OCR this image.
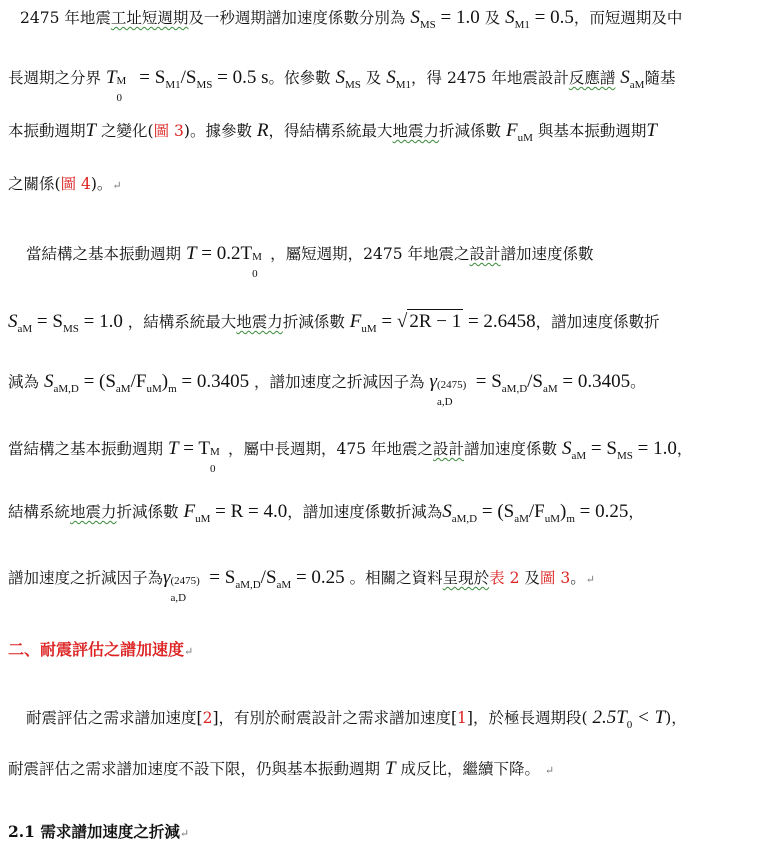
2475 年地震工址短週期及一秒週期譜加速度係數分別為 $S_{MS} = 1.0$ 及 $S_{M1} = 0.5$，而短週期及中
長週期之分界 T M
0
= $S_{M1}/S_{MS} = 0.5$ s。依參數 $S_{MS}$ 及 $S_{M1}$，得 2475 年地震設計反應譜 $S_{aM}$隨基
本振動週期T 之變化(圖 3)。據參數 R，得結構系統最大地震力折減係數 $F_{uM}$ 與基本振動週期T
之關係(圖 4)。↵
當結構之基本振動週期 T = 0.2T M
0
，屬短週期，2475 年地震之設計譜加速度係數
$S_{aM} = S_{MS} = 1.0$ ，結構系統最大地震力折減係數 $F_{uM}$ = √ 2R − 1 = 2.6458，譜加速度係數折
減為 $S_{aM,D} = (S_{aM}/F_{uM})_m = 0.3405$ ，譜加速度之折減因子為 γ (2475)
a,D
= $S_{aM,D}/S_{aM} = 0.3405$。
當結構之基本振動週期 T = T M
0
，屬中長週期，475 年地震之設計譜加速度係數 $S_{aM} = S_{MS} = 1.0$，
結構系統地震力折減係數 $F_{uM} = R = 4.0$，譜加速度係數折減為$S_{aM,D} = (S_{aM}/F_{uM})_m = 0.25$，
譜加速度之折減因子為γ (2475)
a,D
= $S_{aM,D}/S_{aM} = 0.25$ 。相關之資料呈現於表 2 及圖 3。↵
二、耐震評估之譜加速度↵
耐震評估之需求譜加速度[2]，有別於耐震設計之需求譜加速度[1]，於極長週期段( $2.5T_0 < T$)，
耐震評估之需求譜加速度不設下限，仍與基本振動週期 T 成反比，繼續下降。 ↵
2.1 需求譜加速度之折減↵
